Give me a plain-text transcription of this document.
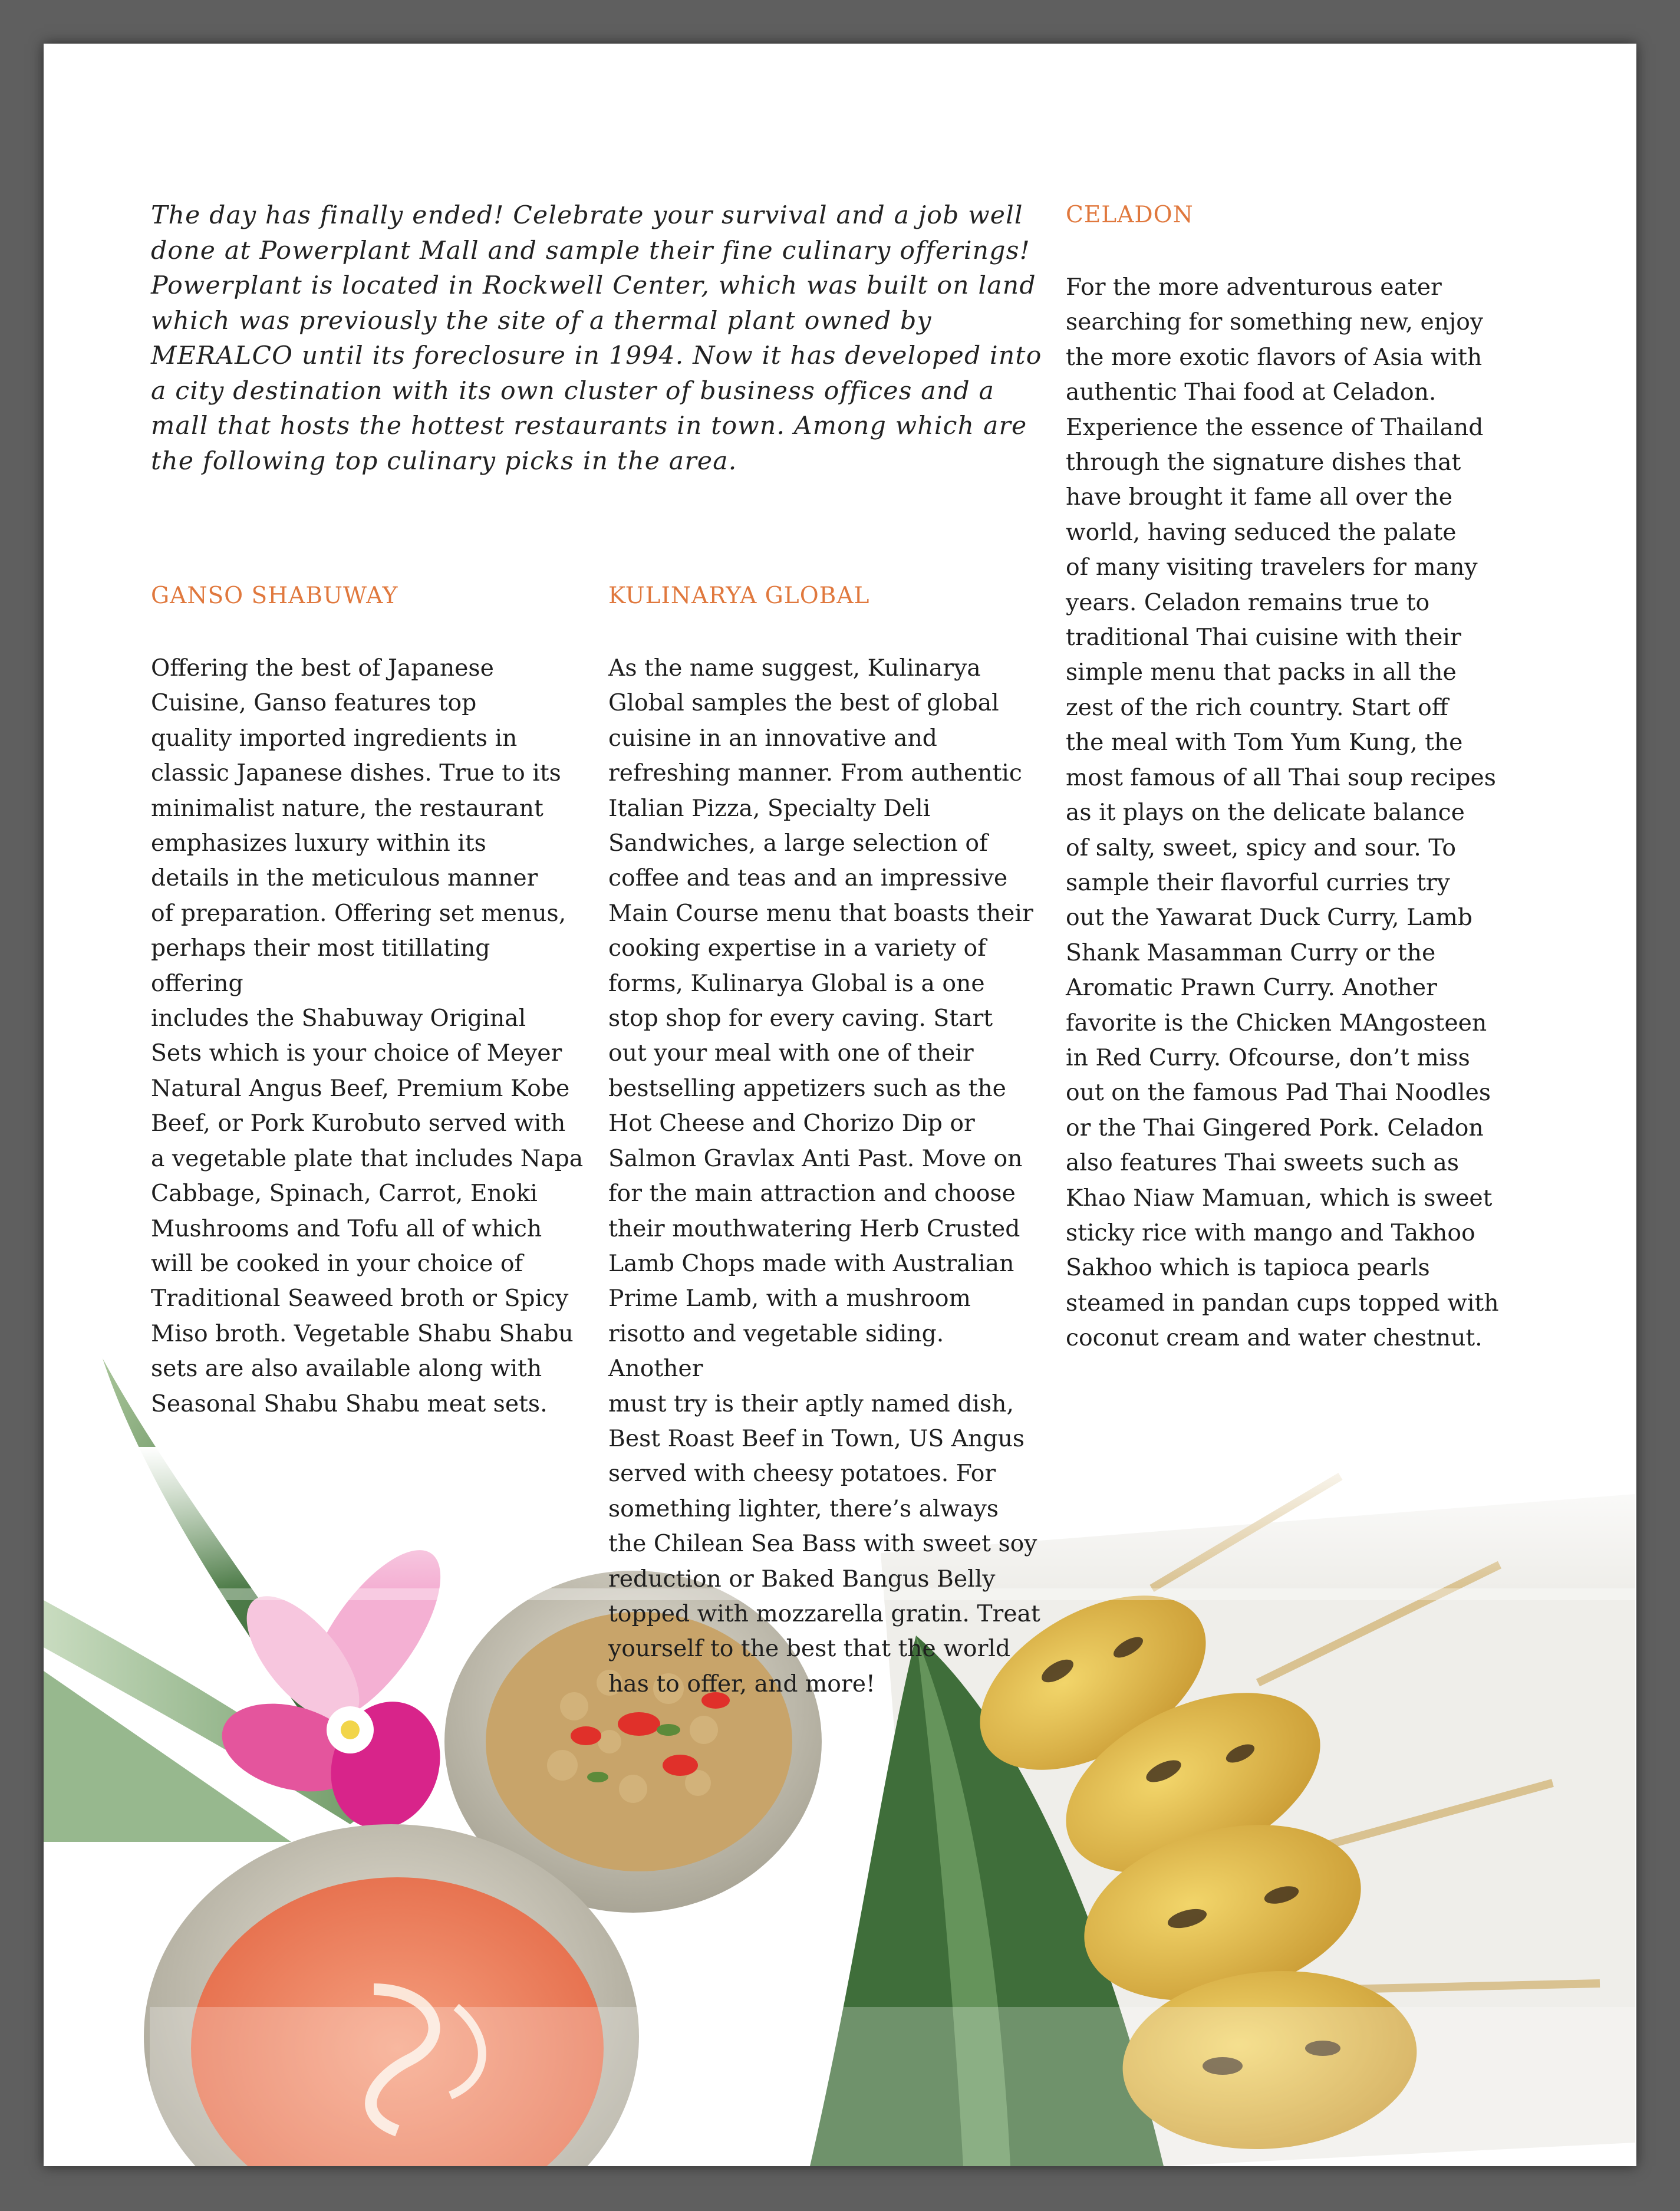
The day has finally ended! Celebrate your survival and a job well done at Powerplant Mall and sample their fine culinary offerings! Powerplant is located in Rockwell Center, which was built on land which was previously the site of a thermal plant owned by MERALCO until its foreclosure in 1994. Now it has developed into a city destination with its own cluster of business offices and a mall that hosts the hottest restaurants in town. Among which are the following top culinary picks in the area.

GANSO SHABUWAY

Offering the best of Japanese
Cuisine, Ganso features top
quality imported ingredients in
classic Japanese dishes. True to its
minimalist nature, the restaurant
emphasizes luxury within its
details in the meticulous manner
of preparation. Offering set menus,
perhaps their most titillating offering
includes the Shabuway Original
Sets which is your choice of Meyer
Natural Angus Beef, Premium Kobe
Beef, or Pork Kurobuto served with
a vegetable plate that includes Napa
Cabbage, Spinach, Carrot, Enoki
Mushrooms and Tofu all of which
will be cooked in your choice of
Traditional Seaweed broth or Spicy
Miso broth. Vegetable Shabu Shabu
sets are also available along with
Seasonal Shabu Shabu meat sets.

KULINARYA GLOBAL

As the name suggest, Kulinarya
Global samples the best of global
cuisine in an innovative and
refreshing manner. From authentic
Italian Pizza, Specialty Deli
Sandwiches, a large selection of
coffee and teas and an impressive
Main Course menu that boasts their
cooking expertise in a variety of
forms, Kulinarya Global is a one
stop shop for every caving. Start
out your meal with one of their
bestselling appetizers such as the
Hot Cheese and Chorizo Dip or
Salmon Gravlax Anti Past. Move on
for the main attraction and choose
their mouthwatering Herb Crusted
Lamb Chops made with Australian
Prime Lamb, with a mushroom
risotto and vegetable siding. Another
must try is their aptly named dish,
Best Roast Beef in Town, US Angus
served with cheesy potatoes. For
something lighter, there’s always
the Chilean Sea Bass with sweet soy
reduction or Baked Bangus Belly
topped with mozzarella gratin. Treat
yourself to the best that the world
has to offer, and more!

CELADON

For the more adventurous eater
searching for something new, enjoy
the more exotic flavors of Asia with
authentic Thai food at Celadon.
Experience the essence of Thailand
through the signature dishes that
have brought it fame all over the
world, having seduced the palate
of many visiting travelers for many
years. Celadon remains true to
traditional Thai cuisine with their
simple menu that packs in all the
zest of the rich country. Start off
the meal with Tom Yum Kung, the
most famous of all Thai soup recipes
as it plays on the delicate balance
of salty, sweet, spicy and sour. To
sample their flavorful curries try
out the Yawarat Duck Curry, Lamb
Shank Masamman Curry or the
Aromatic Prawn Curry. Another
favorite is the Chicken MAngosteen
in Red Curry. Ofcourse, don’t miss
out on the famous Pad Thai Noodles
or the Thai Gingered Pork. Celadon
also features Thai sweets such as
Khao Niaw Mamuan, which is sweet
sticky rice with mango and Takhoo
Sakhoo which is tapioca pearls
steamed in pandan cups topped with
coconut cream and water chestnut.
